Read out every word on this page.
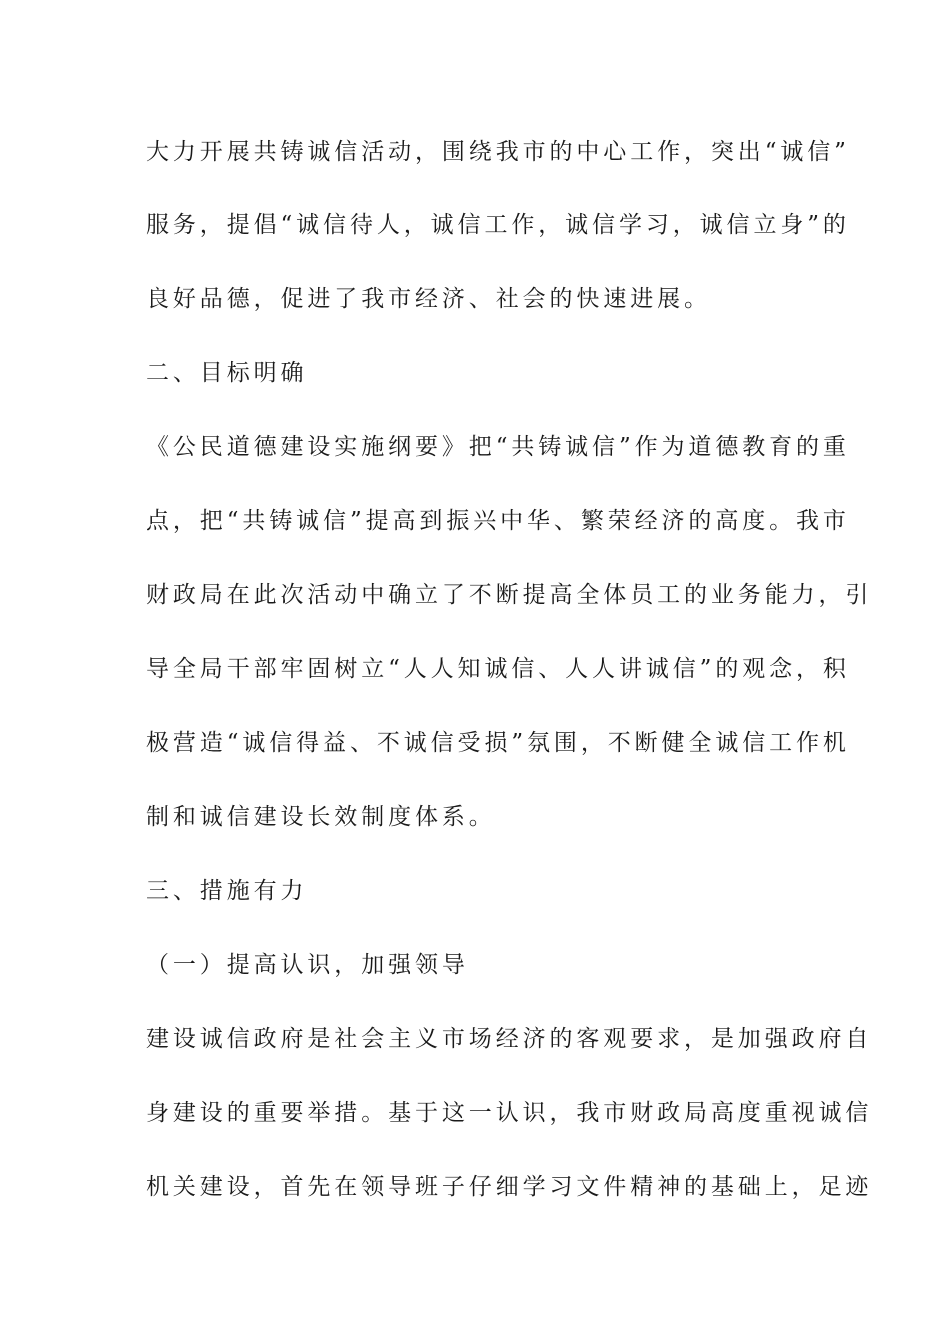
大力开展共铸诚信活动，围绕我市的中心工作，突出“诚信”
服务，提倡“诚信待人，诚信工作，诚信学习，诚信立身”的
良好品德，促进了我市经济、社会的快速进展。
二、目标明确
《公民道德建设实施纲要》把“共铸诚信”作为道德教育的重
点，把“共铸诚信”提高到振兴中华、繁荣经济的高度。我市
财政局在此次活动中确立了不断提高全体员工的业务能力，引
导全局干部牢固树立“人人知诚信、人人讲诚信”的观念，积
极营造“诚信得益、不诚信受损”氛围，不断健全诚信工作机
制和诚信建设长效制度体系。
三、措施有力
（一）提高认识，加强领导
建设诚信政府是社会主义市场经济的客观要求，是加强政府自
身建设的重要举措。基于这一认识，我市财政局高度重视诚信
机关建设，首先在领导班子仔细学习文件精神的基础上，足迹
